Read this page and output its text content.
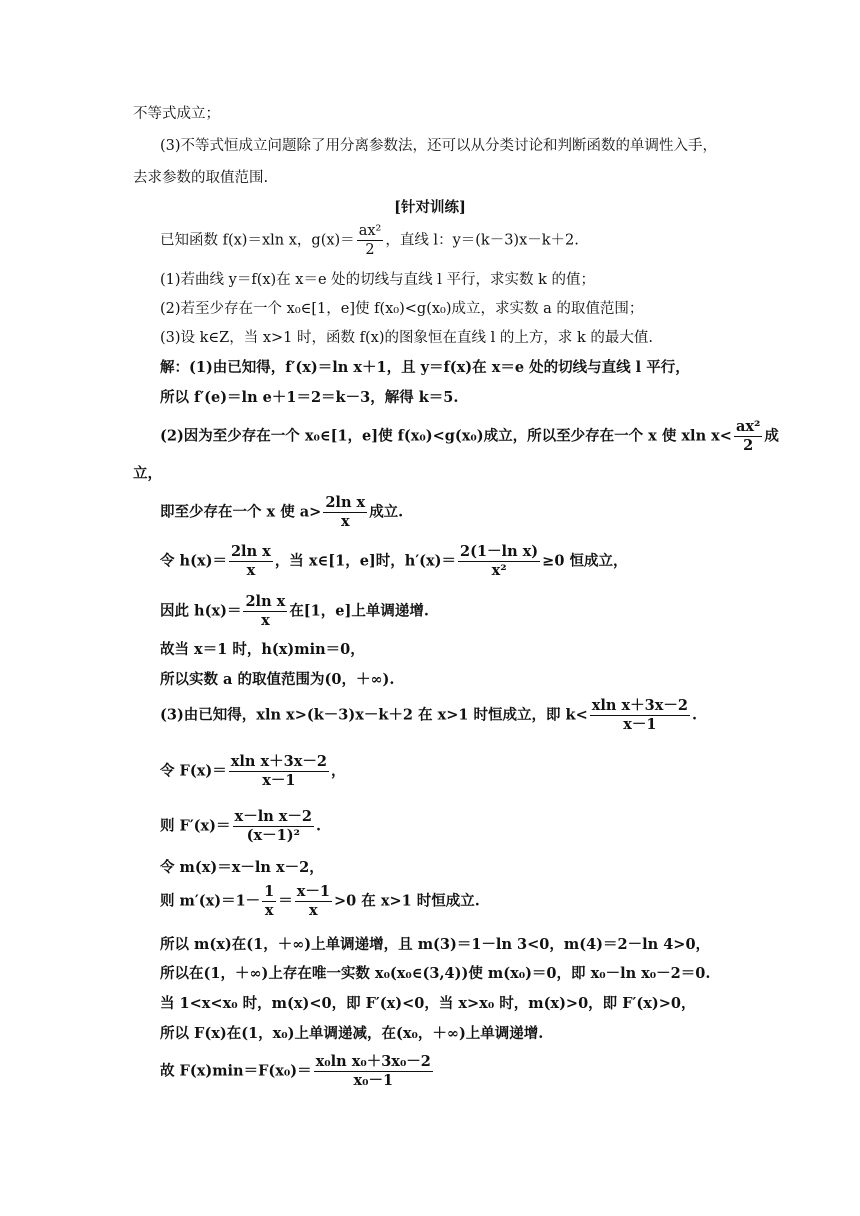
不等式成立；
(3)不等式恒成立问题除了用分离参数法，还可以从分类讨论和判断函数的单调性入手，
去求参数的取值范围.
[针对训练]
已知函数 f(x)＝xln x，$g(x)= \frac{\text{ax²}}{2}$ ，直线 l：y＝(k－3)x－k＋2.
(1)若曲线 y＝f(x)在 x＝e 处的切线与直线 l 平行，求实数 k 的值；
(2)若至少存在一个 x₀∈[1，e]使 f(x₀)<g(x₀)成立，求实数 a 的取值范围；
(3)设 k∈Z，当 x>1 时，函数 f(x)的图象恒在直线 l 的上方，求 k 的最大值.
解：(1)由已知得，f′(x)＝ln x＋1，且 y＝f(x)在 x＝e 处的切线与直线 l 平行，
所以 f′(e)＝ln e＋1＝2＝k－3，解得 k＝5.
(2)因为至少存在一个 x₀∈[1，e]使 f(x₀)<g(x₀)成立，所以至少存在一个 x 使 xln $x< \frac{\text{ax²}}{2}$ 成
立，
即至少存在一个 x 使 $a> \frac{\text{2ln x}}{x}$ 成立.
令 $h(x)= \frac{\text{2ln x}}{x}$ ，当 x∈[1，e]时，$h'(x)= \frac{\text{2(1－ln x)}}{\text{x²}} \ge 0$ 恒成立，
因此 $h(x)= \frac{\text{2ln x}}{x}$ 在[1，e]上单调递增.
故当 x＝1 时，h(x)min＝0，
所以实数 a 的取值范围为(0，＋∞).
(3)由已知得，xln x>(k－3)x－k＋2 在 x>1 时恒成立，即 $k< \frac{\text{xln x＋3x－2}}{x-1}$ .
令 $F(x)= \frac{\text{xln x＋3x－2}}{x-1}$ ，
则 $F'(x)= \frac{\text{x－ln x－2}}{\text{(x－1)²}}$ .
令 m(x)＝x－ln x－2，
则 $m'(x)=1- \frac{1}{x} = \frac{x-1}{x} >0$ 在 x>1 时恒成立.
所以 m(x)在(1，＋∞)上单调递增，且 m(3)＝1－ln 3<0，m(4)＝2－ln 4>0，
所以在(1，＋∞)上存在唯一实数 x₀(x₀∈(3,4))使 m(x₀)＝0，即 x₀－ln x₀－2＝0.
当 1<x<x₀ 时，m(x)<0，即 F′(x)<0，当 x>x₀ 时，m(x)>0，即 F′(x)>0，
所以 F(x)在(1，x₀)上单调递减，在(x₀，＋∞)上单调递增.
故 $F(x)\min=F(x_0)= \frac{\text{x₀ln x₀＋3x₀－2}}{\text{x₀－1}}$
